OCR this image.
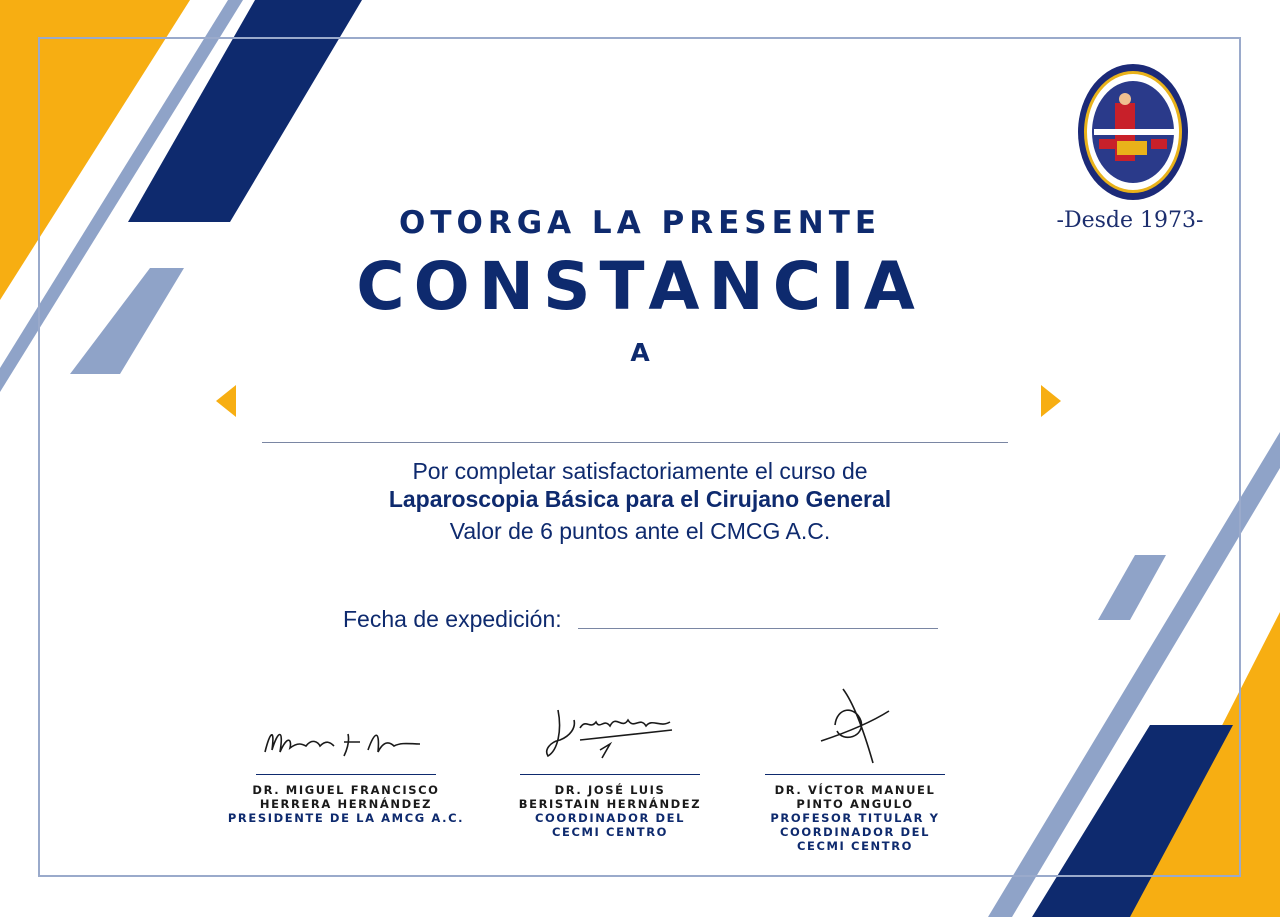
-Desde 1973-
OTORGA LA PRESENTE
CONSTANCIA
A
Por completar satisfactoriamente el curso de
Laparoscopia Básica para el Cirujano General
Valor de 6 puntos ante el CMCG A.C.
Fecha de expedición:
DR. MIGUEL FRANCISCO
HERRERA HERNÁNDEZ
PRESIDENTE DE LA AMCG A.C.
DR. JOSÉ LUIS
BERISTAIN HERNÁNDEZ
COORDINADOR DEL
CECMI CENTRO
DR. VÍCTOR MANUEL
PINTO ANGULO
PROFESOR TITULAR Y
COORDINADOR DEL
CECMI CENTRO
